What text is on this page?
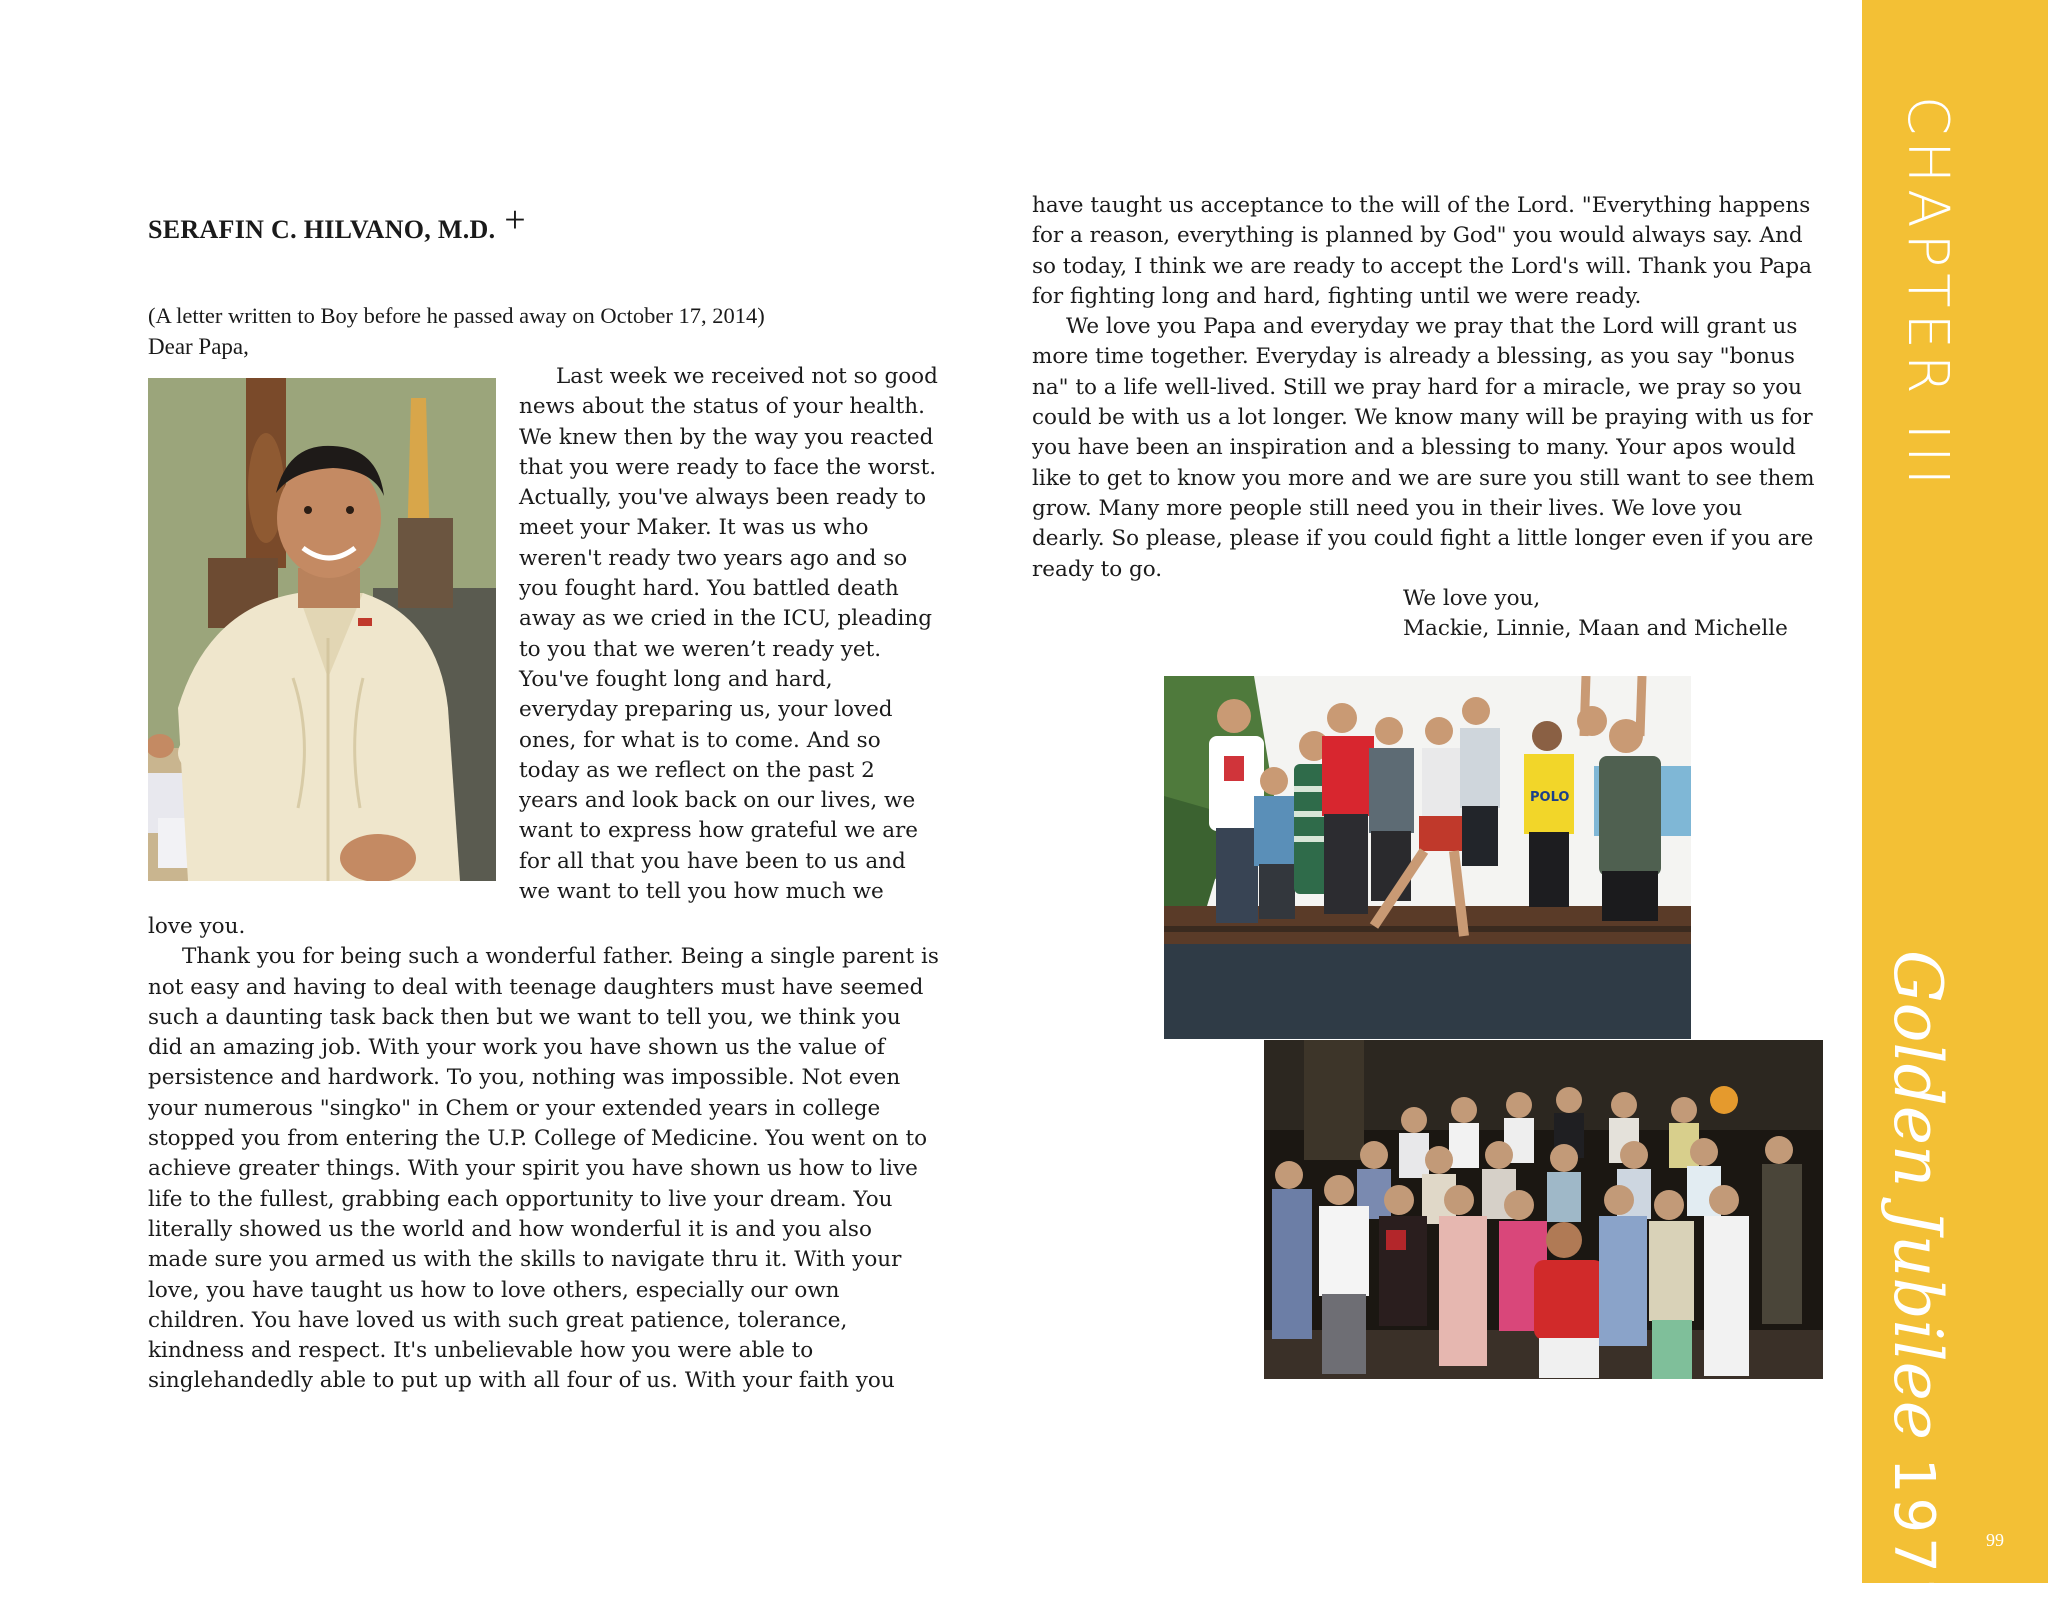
SERAFIN C. HILVANO, M.D. +
(A letter written to Boy before he passed away on October 17, 2014)
Dear Papa,
Last week we received not so good
news about the status of your health.
We knew then by the way you reacted
that you were ready to face the worst.
Actually, you've always been ready to
meet your Maker. It was us who
weren't ready two years ago and so
you fought hard. You battled death
away as we cried in the ICU, pleading
to you that we weren’t ready yet.
You've fought long and hard,
everyday preparing us, your loved
ones, for what is to come. And so
today as we reflect on the past 2
years and look back on our lives, we
want to express how grateful we are
for all that you have been to us and
we want to tell you how much we
love you.
Thank you for being such a wonderful father. Being a single parent is
not easy and having to deal with teenage daughters must have seemed
such a daunting task back then but we want to tell you, we think you
did an amazing job. With your work you have shown us the value of
persistence and hardwork. To you, nothing was impossible. Not even
your numerous "singko" in Chem or your extended years in college
stopped you from entering the U.P. College of Medicine. You went on to
achieve greater things. With your spirit you have shown us how to live
life to the fullest, grabbing each opportunity to live your dream. You
literally showed us the world and how wonderful it is and you also
made sure you armed us with the skills to navigate thru it. With your
love, you have taught us how to love others, especially our own
children. You have loved us with such great patience, tolerance,
kindness and respect. It's unbelievable how you were able to
singlehandedly able to put up with all four of us. With your faith you
have taught us acceptance to the will of the Lord. "Everything happens
for a reason, everything is planned by God" you would always say. And
so today, I think we are ready to accept the Lord's will. Thank you Papa
for fighting long and hard, fighting until we were ready.
We love you Papa and everyday we pray that the Lord will grant us
more time together. Everyday is already a blessing, as you say "bonus
na" to a life well-lived. Still we pray hard for a miracle, we pray so you
could be with us a lot longer. We know many will be praying with us for
you have been an inspiration and a blessing to many. Your apos would
like to get to know you more and we are sure you still want to see them
grow. Many more people still need you in their lives. We love you
dearly. So please, please if you could fight a little longer even if you are
ready to go.
We love you,
Mackie, Linnie, Maan and Michelle
POLO
CHAPTER III
Golden Jubilee1971 99
